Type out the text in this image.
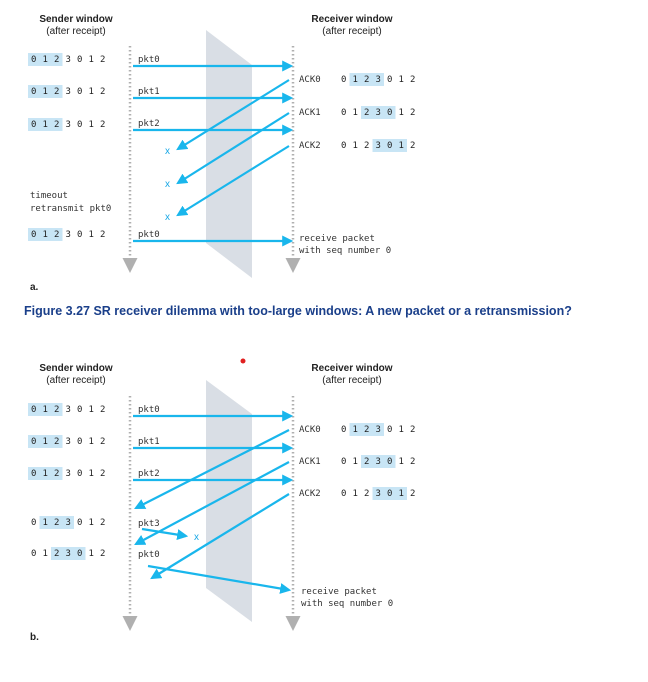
Sender window
(after receipt)
Receiver window
(after receipt)
0 1 2 3 0 1 2
0 1 2 3 0 1 2
0 1 2 3 0 1 2
0 1 2 3 0 1 2
0 1 2 3 0 1 2
0 1 2 3 0 1 2
0 1 2 3 0 1 2
x
x
x
pkt0
pkt1
pkt2
pkt0
ACK0
ACK1
ACK2
timeout
retransmit pkt0
receive packet
with seq number 0
a.
Figure 3.27 SR receiver dilemma with too-large windows: A new packet or a retransmission?
Sender window
(after receipt)
Receiver window
(after receipt)
0 1 2 3 0 1 2
0 1 2 3 0 1 2
0 1 2 3 0 1 2
0 1 2 3 0 1 2
0 1 2 3 0 1 2
0 1 2 3 0 1 2
0 1 2 3 0 1 2
0 1 2 3 0 1 2
x
pkt0
pkt1
pkt2
pkt3
pkt0
ACK0
ACK1
ACK2
receive packet
with seq number 0
b.
